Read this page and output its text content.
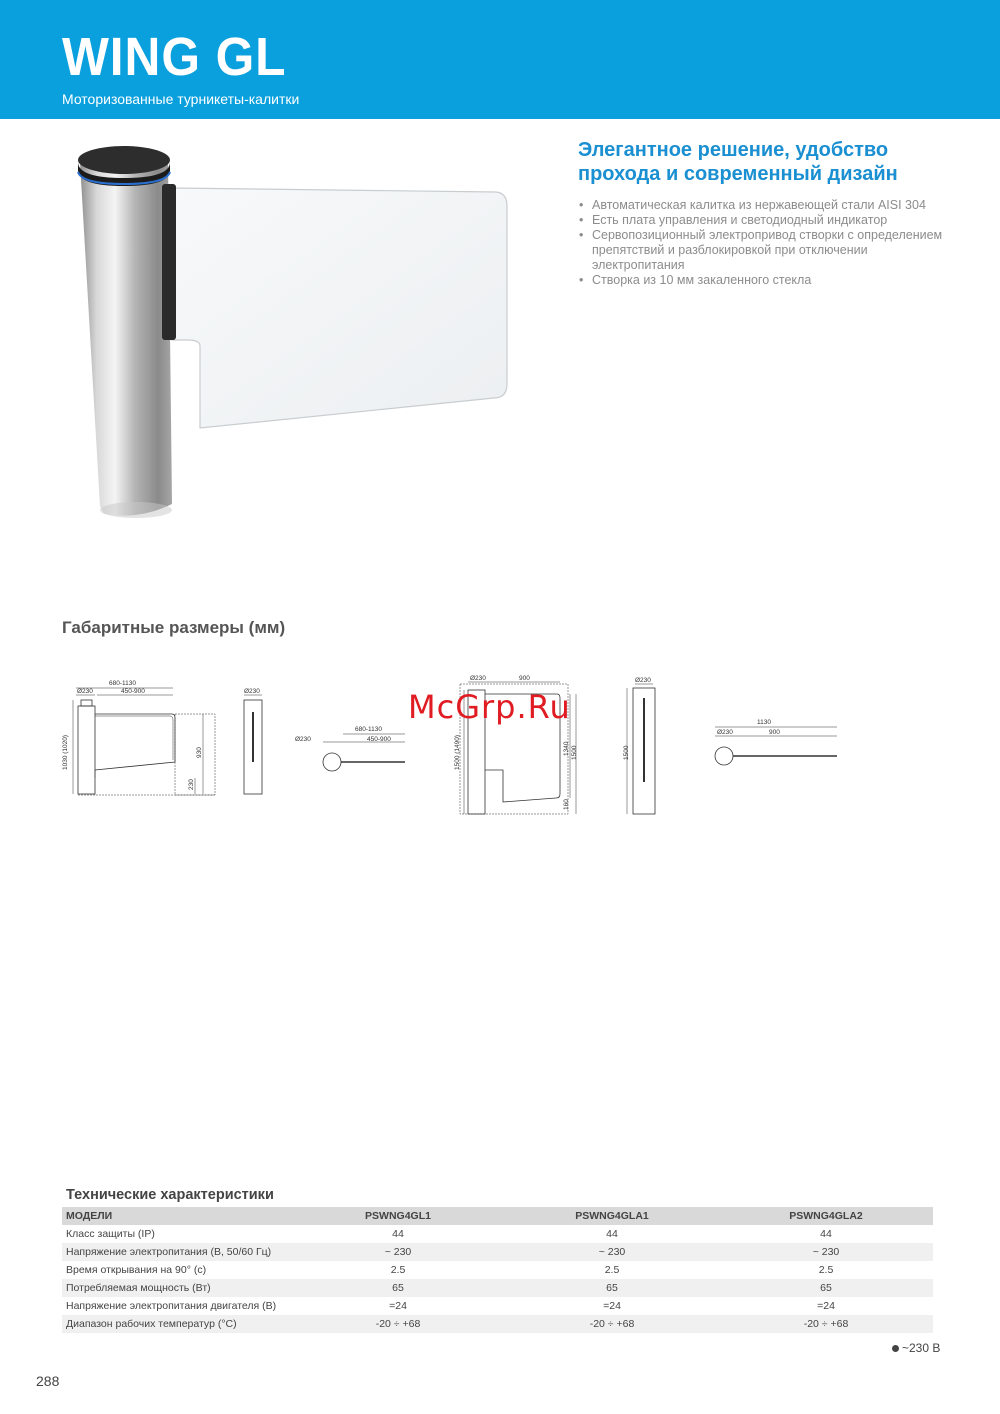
WING GL
Моторизованные турникеты-калитки
Элегантное решение, удобство
прохода и современный дизайн
• Автоматическая калитка из нержавеющей стали AISI 304
• Есть плата управления и светодиодный индикатор
• Сервопозиционный электропривод створки с определением препятствий и разблокировкой при отключении электропитания
• Створка из 10 мм закаленного стекла
Габаритные размеры (мм)
680-1130
Ø230	450-900
1030 (1020)	930
230
Ø230
680-1130
Ø230	450-900
Ø230	900
1500 (1490)	1340 1500
160
Ø230
1500
1130
Ø230	900
McGrp.Ru
Технические характеристики
МОДЕЛИ	PSWNG4GL1	PSWNG4GLA1	PSWNG4GLA2
Класс защиты (IP)	44	44	44
Напряжение электропитания (В, 50/60 Гц)	~ 230	~ 230	~ 230
Время открывания на 90° (с)	2.5	2.5	2.5
Потребляемая мощность (Вт)	65	65	65
Напряжение электропитания двигателя (В)	=24	=24	=24
Диапазон рабочих температур (°С)	-20 ÷ +68	-20 ÷ +68	-20 ÷ +68
~230 В
288
